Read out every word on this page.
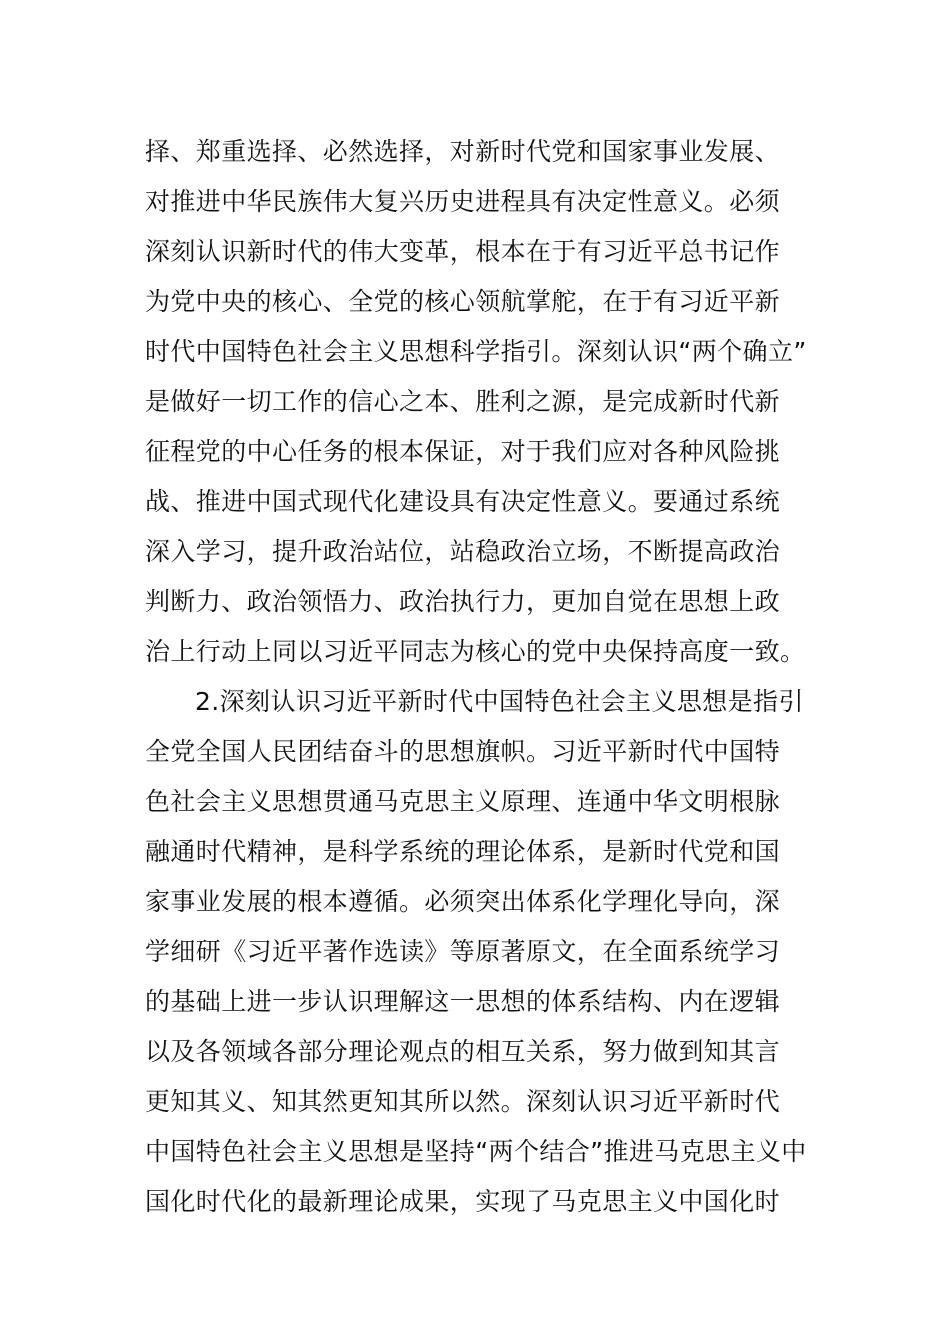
择、郑重选择、必然选择，对新时代党和国家事业发展、
对推进中华民族伟大复兴历史进程具有决定性意义。必须
深刻认识新时代的伟大变革，根本在于有习近平总书记作
为党中央的核心、全党的核心领航掌舵，在于有习近平新
时代中国特色社会主义思想科学指引。深刻认识“两个确立”
是做好一切工作的信心之本、胜利之源，是完成新时代新
征程党的中心任务的根本保证，对于我们应对各种风险挑
战、推进中国式现代化建设具有决定性意义。要通过系统
深入学习，提升政治站位，站稳政治立场，不断提高政治
判断力、政治领悟力、政治执行力，更加自觉在思想上政
治上行动上同以习近平同志为核心的党中央保持高度一致。
2.深刻认识习近平新时代中国特色社会主义思想是指引
全党全国人民团结奋斗的思想旗帜。习近平新时代中国特
色社会主义思想贯通马克思主义原理、连通中华文明根脉
融通时代精神，是科学系统的理论体系，是新时代党和国
家事业发展的根本遵循。必须突出体系化学理化导向，深
学细研《习近平著作选读》等原著原文，在全面系统学习
的基础上进一步认识理解这一思想的体系结构、内在逻辑
以及各领域各部分理论观点的相互关系，努力做到知其言
更知其义、知其然更知其所以然。深刻认识习近平新时代
中国特色社会主义思想是坚持“两个结合”推进马克思主义中
国化时代化的最新理论成果，实现了马克思主义中国化时
